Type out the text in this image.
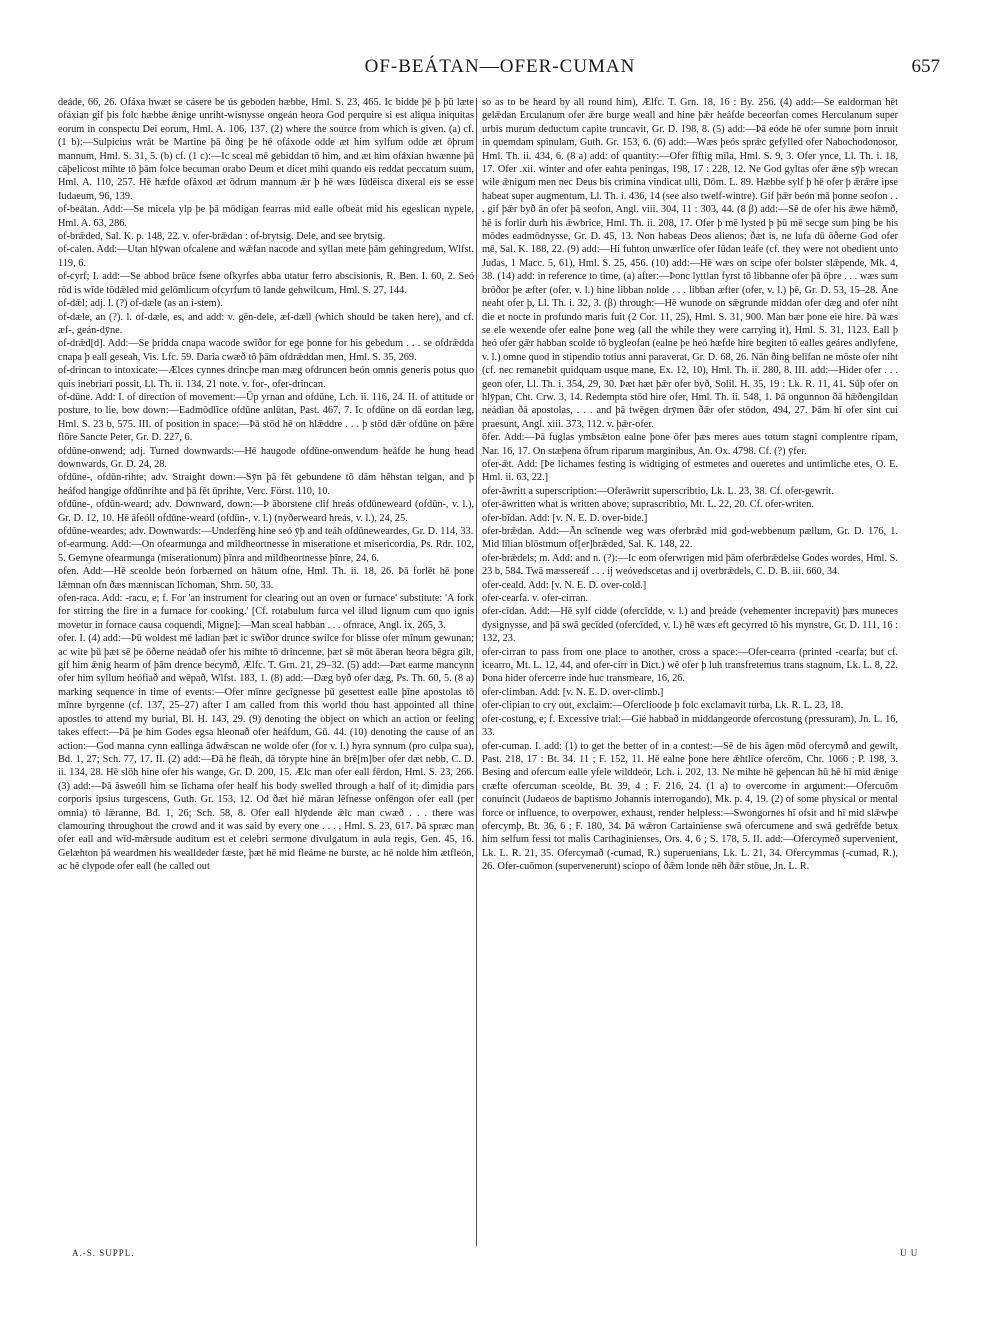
OF-BEÁTAN—OFER-CUMAN	657

deáde, 66, 26. Ofáxa hwæt se cásere be ús geboden hæbbe, Hml. S. 23, 465. Ic bidde þē þ þū læte ofáxian gif þis folc hæbbe ǣnige unriht-wisnysse ongeán heora God perquire si est aliqua iniquitas eorum in conspectu Dei eorum, Hml. A. 106, 137. (2) where the source from which is given. (a) cf. (1 b):—Sulpicius wrāt be Martine þā ðing þe hē ofáxode odde æt him sylfum odde æt ōþrum mannum, Hml. S. 31, 5. (b) cf. (1 c):—Ic sceal mē gebiddan tō him, and æt him ofáxian hwænne þū cāþelicost mihte tō þām folce becuman orabo Deum et dicet mihi quando eis reddat peccatum suum, Hml. A. 110, 257. Hē hæfde ofáxod æt ōdrum mannum ǣr þ hē wæs Iūdēisca dixeral eis se esse Iudaeum, 96, 139.

of-beátan. Add:—Se micela ylp þe þā mōdigan fearras mid ealle ofbeát mid his egeslican nypele, Hml. A. 63, 286.

of-brǣded, Sal. K. p. 148, 22. v. ofer-brǣdan : of-brytsig. Dele, and see brytsig.

of-calen. Add:—Utan hlȳwan ofcalene and wǣfan nacode and syllan mete þām gehingredum, Wlfst. 119, 6.

of-cyrf; I. add:—Se abbod brūce fsene ofkyrfes abba utatur ferro abscisionis, R. Ben. I. 60, 2. Seó rōd is wīde tōdǣled mid gelōmlicum ofcyrfum tō lande gehwilcum, Hml. S. 27, 144.

of-dǣl; adj. l. (?) of-dæle (as an i-stem).

of-dæle, an (?). l. of-dæle, es, and add: v. gēn-dele, æf-dæll (which should be taken here), and cf. æf-, geán-dȳne.

of-drǣd[d]. Add:—Se þridda cnapa wacode swīðor for ege þonne for his gebedum . . . se ofdrǣdda cnapa þ eall geseah, Vis. Lfc. 59. Daria cwæð tō þām ofdrǣddan men, Hml. S. 35, 269.

of-drincan to intoxicate:—Ælces cynnes drincþe man mæg ofdruncen beón omnis generis potus quo quis inebriari possit, Ll. Th. ii. 134, 21 note. v. for-, ofer-drincan.

of-dūne. Add: I. of direction of movement:—Ūp yrnan and ofdūne, Lch. ii. 116, 24. II. of attitude or posture, to lie, bow down:—Eadmōdlīce ofdūne anlūtan, Past. 467, 7. Ic ofdūne on dā eordan læg, Hml. S. 23 b, 575. III. of position in space:—Þā stōd hē on hlǣddre . . . þ stōd dǣr ofdūne on þǣre flōre Sancte Peter, Gr. D. 227, 6.

ofdūne-onwend; adj. Turned downwards:—Hē haugode ofdūne-onwendum heáfde he hung head downwards, Gr. D. 24, 28.

ofdūne-, ofdūn-rihte; adv. Straight down:—Sȳn þā fēt gebundene tō dām hēhstan telgan, and þ heáfod hangige ofdūnrihte and þā fēt ūprihte, Verc. Först. 110, 10.

ofdūne-, ofdūn-weard; adv. Downward, down:—Þ āborstene clif hreás ofdūneweard (ofdūn-, v. l.), Gr. D. 12, 10. Hē āfeóll ofdūne-weard (ofdūn-, v. l.) (nyðerweard hreás, v. l.), 24, 25.

ofdūne-weardes; adv. Downwards:—Underfēng hine seó ȳþ and teáh ofdūneweardes, Gr. D. 114, 33.

of-earmung. Add:—On ofearmunga and mildheortnesse in miseratione et misericordia, Ps. Rdr. 102, 5. Gemyne ofearmunga (miserationum) þīnra and mildheortnesse þīnre, 24, 6.

ofen. Add:—Hē sceolde beón forbærned on hātum ofne, Hml. Th. ii. 18, 26. Þā forlēt hē þone lǣmnan ofn ðæs mænniscan līchoman, Shrn. 50, 33.

ofen-raca. Add: -racu, e; f. For 'an instrument for clearing out an oven or furnace' substitute: 'A fork for stirring the fire in a furnace for cooking.' [Cf. rotabulum furca vel illud lignum cum quo ignis movetur in fornace causa coquendi, Migne]:—Man sceal habban . . . ofnrace, Angl. ix. 265, 3.

ofer. I. (4) add:—Þū woldest mē ladian þæt ic swīðor drunce swilce for blisse ofer mīnum gewunan; ac wite þū þæt sē þe ōðerne neádað ofer his mihte tō drincenne, þæt sē mōt āberan heora bēgra gilt, gif him ǣnig hearm of þām drence becymð, Ælfc. T. Grn. 21, 29–32. (5) add:—Þæt earme mancynn ofer him syllum heófiað and wēpað, Wlfst. 183, 1. (8) add:—Dæg byð ofer dæg, Ps. Th. 60, 5. (8 a) marking sequence in time of events:—Ofer mīnre gecīgnesse þū gesettest ealle þīne apostolas tō mīnre byrgenne (cf. 137, 25–27) after I am called from this world thou hast appointed all thine apostles to attend my burial, Bl. H. 143, 29. (9) denoting the object on which an action or feeling takes effect:—Þā þe him Godes egsa hleonað ofer heáfdum, Gū. 44. (10) denoting the cause of an action:—God manna cynn eallinga ādwǣscan ne wolde ofer (for v. l.) hyra synnum (pro culpa sua), Bd. 1, 27; Sch. 77, 17. II. (2) add:—Ðā hē fleáh, dā tōrypte hine ān brē[m]ber ofer dæt nebb, C. D. ii. 134, 28. Hē slōh hine ofer his wange, Gr. D. 200, 15. Ælc man ofer eall fērdon, Hml. S. 23, 266. (3) add:—Þā āsweóll him se līchama ofer healf his body swelled through a half of it; dimidia pars corporis ipsius turgescens, Guth. Gr. 153, 12. Od ðæt hié māran lēfnesse onfēngon ofer eall (per omnia) tō lǣranne, Bd. 1, 26; Sch. 58, 8. Ofer eall hlȳdende ǣlc man cwæð . . . there was clamouring throughout the crowd and it was said by every one . . . , Hml. S. 23, 617. Þā spræc man ofer eall and wīd-mǣrsude auditum est et celebri sermone divulgatum in aula regis, Gen. 45, 16. Gelæhton þā weardmen his wealldeder fæste, þæt hē mid fleáme ne burste, ac hē nolde him ætfleón, ac hē clypode ofer eall (he called out

so as to be heard by all round him), Ælfc. T. Grn. 18, 16 : By. 256. (4) add:—Se ealdorman hēt gelǣdan Erculanum ofer ǣre burge weall and hine þǣr heáfde beceorfan comes Herculanum super urbis murum deductum capite truncavit, Gr. D. 198, 8. (5) add:—Þā eóde hē ofer sumne þorn inruit in quemdam spinulam, Guth. Gr. 153, 6. (6) add:—Wæs þeós sprǣc gefylled ofer Nabochodonosor, Hml. Th. ii. 434, 6. (8 a) add: of quantity:—Ofer fīftig mīla, Hml. S. 9, 3. Ofer ynce, Ll. Th. i. 18, 17. Ofer .xii. winter and ofer eahta peningas, 198, 17 : 228, 12. Ne God gyltas ofer ǣne sȳþ wrecan wile ǣnigum men nec Deus bis crimina vindicat ulli, Dōm. L. 89. Hæbbe sylf þ hē ofer þ ǣrǣre ipse habeat super augmentum, Ll. Th. i. 436, 14 (see also twelf-wintre). Gif þǣr beón mā þonne seofon . . . gif þǣr byð ān ofer þā seofon, Angl. viii. 304, 11 : 303, 44. (8 β) add:—Sē de ofer his ǣwe hǣmð, hē is forlir durh his ǣwbrice, Hml. Th. ii. 208, 17. Ofer þ mē lysted þ þū mē secge sum þing be his mōdes eadmōdnysse, Gr. D. 45, 13. Non habeas Deos alienos; ðæt is, ne lufa dū ōðerne God ofer mē, Sal. K. 188, 22. (9) add:—Hi fuhton unwærlīce ofer Iūdan leáfe (cf. they were not obedient unto Judas, 1 Macc. 5, 61), Hml. S. 25, 456. (10) add:—Hē wæs on scipe ofer bolster slǣpende, Mk. 4, 38. (14) add: in reference to time, (a) after:—Þonc lyttlan fyrst tō libbanne ofer þā ōþre . . . wæs sum brōðor þe æfter (ofer, v. l.) hine libban nolde . . . libban æfter (ofer, v. l.) þē, Gr. D. 53, 15–28. Āne neaht ofer þ, Ll. Th. i. 32, 3. (β) through:—Hē wunode on sǣgrunde middan ofer dæg and ofer niht die et nocte in profundo maris fuit (2 Cor. 11, 25), Hml. S. 31, 900. Man bær þone eie hire. Þā wæs se ele wexende ofer ealne þone weg (all the while they were carrying it), Hml. S. 31, 1123. Eall þ heó ofer gǣr habban scolde tō bygleofan (ealne þe heó hæfde hire begiten tō ealles geáres andlyfene, v. l.) omne quod in stipendio totius anni paraverat, Gr. D. 68, 26. Nān ðing belīfan ne mōste ofer niht (cf. nec remanebit quidquam usque mane, Ex. 12, 10), Hml. Th. ii. 280, 8. III. add:—Hider ofer . . . geon ofer, Ll. Th. i. 354, 29, 30. Þæt hæt þǣr ofer byð, Solil. H. 35, 19 : Lk. R. 11, 41. Sūþ ofer on hlȳpan, Cht. Crw. 3, 14. Redempta stōd hire ofer, Hml. Th. ii. 548, 1. Þā ongunnon ðā hǣðengildan neádian ðā apostolas, . . . and þā twēgen drȳmen ðǣr ofer stōdon, 494, 27. Þām hī ofer sint cui praesunt, Angl. xiii. 373, 112. v. þǣr-ofer.

ōfer. Add:—Þā fuglas ymbsǣton ealne þone ōfer þæs meres aues totum stagni complentre ripam, Nar. 16, 17. On stæþena ōfrum riparum marginibus, An. Ox. 4798. Cf. (?) ȳfer.

ofer-ǣt. Add: [Þe lichames festing is widtiging of estmetes and oueretes and untimliche etes, O. E. Hml. ii. 63, 22.]

ofer-āwritt a superscription:—Oferāwritt superscribtio, Lk. L. 23, 38. Cf. ofer-gewrit.

ofer-āwritten what is written above; suprascribtio, Mt. L. 22, 20. Cf. ofer-writen.

ofer-bīdan. Add: [v. N. E. D. over-bide.]

ofer-brǣdan. Add:—Ān scīnende weg wæs oferbrǣd mid god-webbenum pællum, Gr. D. 176, 1. Mid līlian blōstmum of[er]brǣded, Sal. K. 148, 22.

ofer-brǣdels; m. Add: and n. (?):—Ic eom oferwrigen mid þām oferbrǣdelse Godes wordes, Hml. S. 23 b, 584. Twā mæssereáf . . . ij weóvedscetas and ij overbrǣdels, C. D. B. iii. 660, 34.

ofer-ceald. Add: [v. N. E. D. over-cold.]

ofer-cearfa. v. ofer-cirran.

ofer-cīdan. Add:—Hē sylf cidde (ofercīdde, v. l.) and þreáde (vehementer increpavit) þæs muneces dysignysse, and þā swā gecīded (ofercīded, v. l.) hē wæs eft gecyrred tō his mynstre, Gr. D. 111, 16 : 132, 23.

ofer-cirran to pass from one place to another, cross a space:—Ofer-cearra (printed -cearfa; but cf. icearro, Mt. L. 12, 44, and ofer-cirr in Dict.) wē ofer þ luh transfretemus trans stagnum, Lk. L. 8, 22. Þona hider ofercerre inde huc transmeare, 16, 26.

ofer-climban. Add: [v. N. E. D. over-climb.]

ofer-clipian to cry out, exclaim:—Oferclioode þ folc exclamavit turba, Lk. R. L. 23, 18.

ofer-costung, e; f. Excessive trial:—Gié habbað in middangeorde ofercostung (pressuram), Jn. L. 16, 33.

ofer-cuman. I. add: (1) to get the better of in a contest:—Sē de his āgen mōd ofercymð and gewilt, Past. 218, 17 : Bt. 34. 11 ; F. 152, 11. Hē ealne þone here ǣhtlīce ofercōm, Chr. 1066 ; P. 198, 3. Besing and ofercum ealle yfele wilddeór, Lch. i. 202, 13. Ne mihte hē geþencan hū hē hī mid ǣnige cræfte ofercuman sceolde, Bt. 39, 4 ; F. 216, 24. (1 a) to overcome in argument:—Ofercuōm conuincit (Judaeos de baptismo Johannis interrogando), Mk. p. 4, 19. (2) of some physical or mental force or influence, to overpower, exhaust, render helpless:—Swongornes hī ofsit and hī mid slǣwþe ofercymþ, Bt. 36, 6 ; F. 180, 34. Þā wǣron Cartainiense swā ofercumene and swā gedrēfde betux him selfum fessi tot malis Carthaginienses, Ors. 4, 6 ; S. 178, 5. II. add:—Ofercymeð supervenient, Lk. L. R. 21, 35. Ofercymað (-cumad, R.) superuenians, Lk. L. 21, 34. Ofercymmas (-cumad, R.), 26. Ofer-cuōmon (supervenerunt) sciopo of ðǣm londe nēh ðǣr stōue, Jn. L. R.

A.-S. SUPPL.	U U
